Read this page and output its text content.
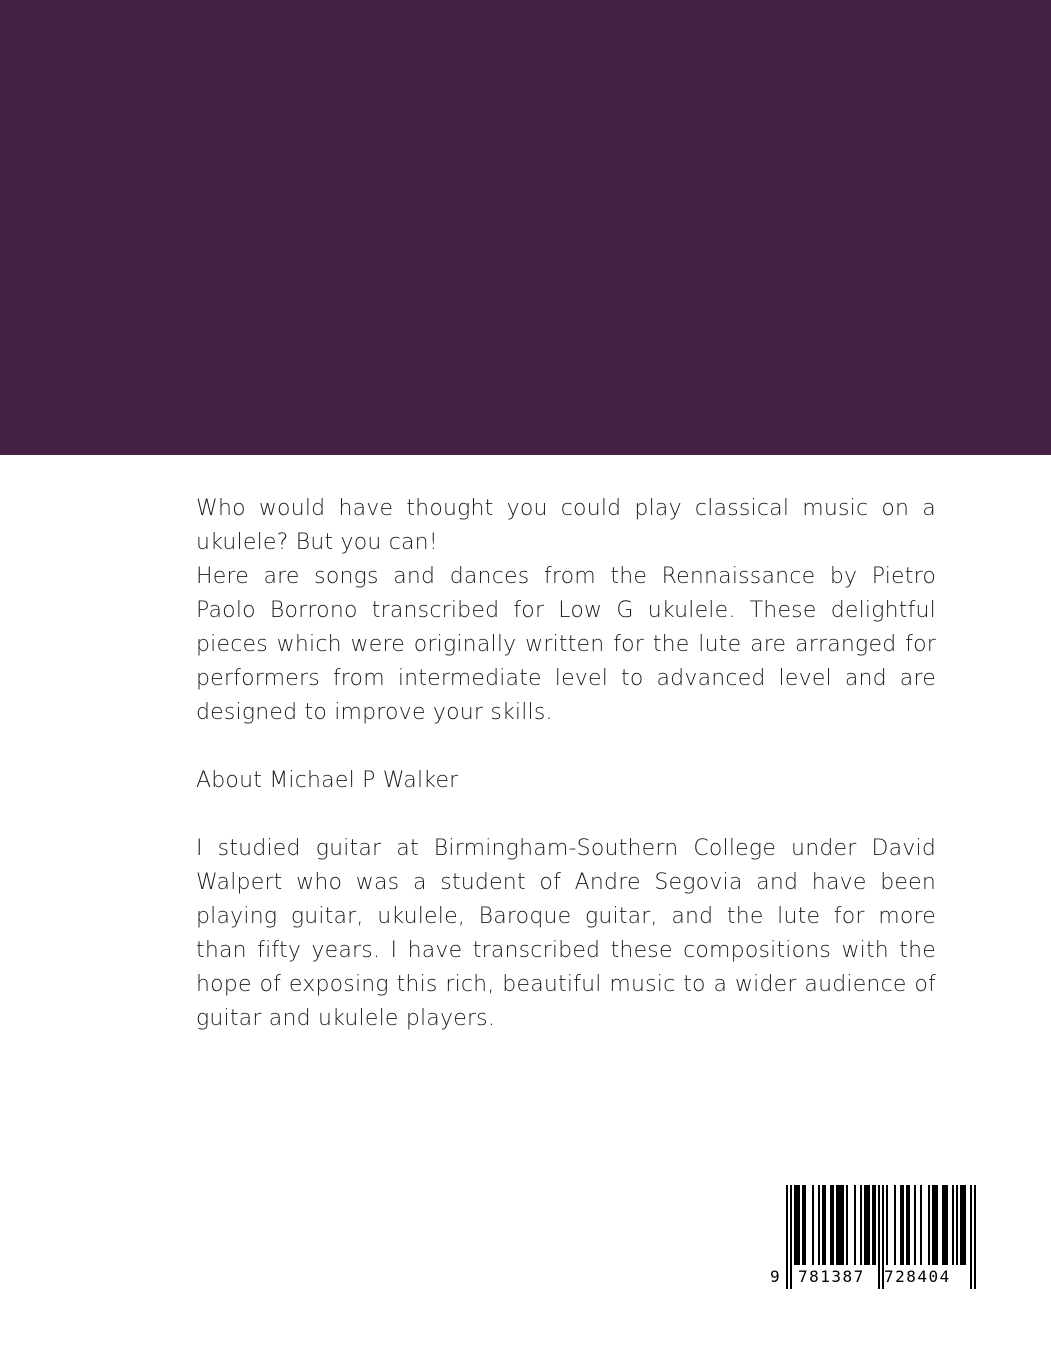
Who would have thought you could play classical music on a ukulele? But you can!

Here are songs and dances from the Rennaissance by Pietro Paolo Borrono transcribed for Low G ukulele. These delightful pieces which were originally written for the lute are arranged for performers from intermediate level to advanced level and are designed to improve your skills.

About Michael P Walker

I studied guitar at Birmingham-Southern College under David Walpert who was a student of Andre Segovia and have been playing guitar, ukulele, Baroque guitar, and the lute for more than fifty years. I have transcribed these compositions with the hope of exposing this rich, beautiful music to a wider audience of guitar and ukulele players.

9 781387 728404
